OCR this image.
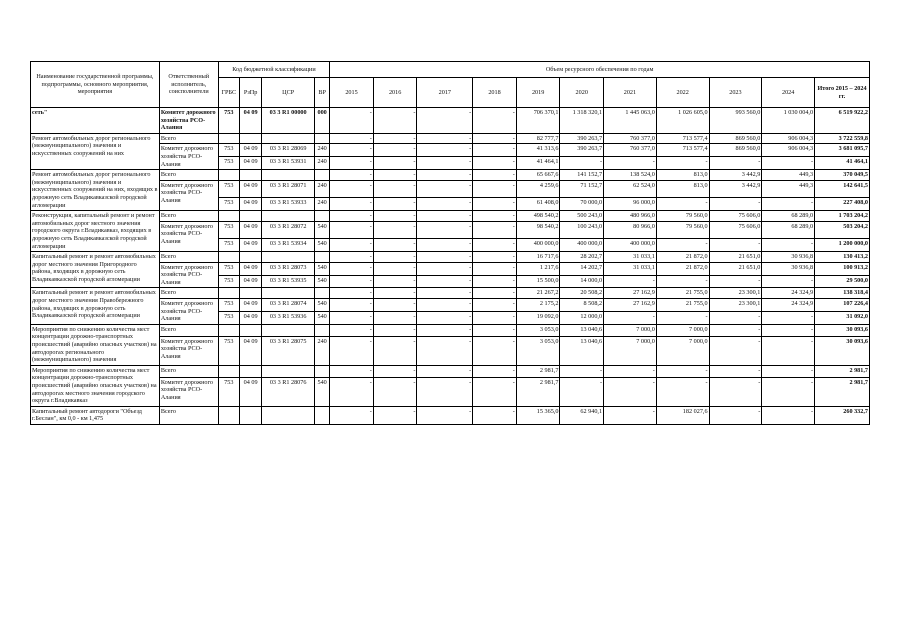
Наименование государственной программы, подпрограммы, основного мероприятия, мероприятия	Ответственный исполнитель, соисполнители	Код бюджетной классификации				Объем ресурсного обеспечения по годам										
		ГРБС	РзПр	ЦСР	ВР	2015	2016	2017	2018	2019	2020	2021	2022	2023	2024	Итого 2015 – 2024 гг.
сеть"	Комитет дорожного хозяйства РСО-Алания	753	04 09	03 3 R1 00000	000	-	-	-	-	706 370,1	1 318 320,1	1 445 063,0	1 026 605,0	993 560,0	1 030 004,0	6 519 922,2
Ремонт автомобильных дорог регионального (межмуниципального) значения и искусственных сооружений на них	Всего					-	-	-	-	82 777,7	390 263,7	760 377,0	713 577,4	869 560,0	906 004,3	3 722 559,8
	Комитет дорожного хозяйства РСО-Алания	753	04 09	03 3 R1 28069	240	-	-	-	-	41 313,6	390 263,7	760 377,0	713 577,4	869 560,0	906 004,3	3 681 095,7
		753	04 09	03 3 R1 53931	240	-	-	-	-	41 464,1	-	-	-	-	-	41 464,1
Ремонт автомобильных дорог регионального (межмуниципального) значения и искусственных сооружений на них, входящих в дорожную сеть Владикавказской городской агломерации	Всего					-	-	-	-	65 667,6	141 152,7	138 524,0	813,0	3 442,9	449,3	370 049,5
	Комитет дорожного хозяйства РСО-Алания	753	04 09	03 3 R1 28071	240	-	-	-	-	4 259,6	71 152,7	62 524,0	813,0	3 442,9	449,3	142 641,5
		753	04 09	03 3 R1 53933	240	-	-	-	-	61 408,0	70 000,0	96 000,0	-	-	-	227 408,0
Реконструкция, капитальный ремонт и ремонт автомобильных дорог местного значения городского округа г.Владикавказ, входящих в дорожную сеть Владикавказской городской агломерации	Всего					-	-	-	-	498 540,2	500 243,0	480 966,0	79 560,0	75 606,0	68 289,0	1 703 204,2
	Комитет дорожного хозяйства РСО-Алания	753	04 09	03 3 R1 28072	540	-	-	-	-	98 540,2	100 243,0	80 966,0	79 560,0	75 606,0	68 289,0	503 204,2
		753	04 09	03 3 R1 53934	540	-	-	-	-	400 000,0	400 000,0	400 000,0	-	-	-	1 200 000,0
Капитальный ремонт и ремонт автомобильных дорог местного значения Пригородного района, входящих в дорожную сеть Владикавказской городской агломерации	Всего					-	-	-	-	16 717,6	28 202,7	31 033,1	21 872,0	21 651,0	30 936,8	130 413,2
	Комитет дорожного хозяйства РСО-Алания	753	04 09	03 3 R1 28073	540	-	-	-	-	1 217,6	14 202,7	31 033,1	21 872,0	21 651,0	30 936,8	100 913,2
		753	04 09	03 3 R1 53935	540	-	-	-	-	15 500,0	14 000,0	-	-	-	-	29 500,0
Капитальный ремонт и ремонт автомобильных дорог местного значения Правобережного района, входящих в дорожную сеть Владикавказской городской агломерации	Всего					-	-	-	-	21 267,2	20 508,2	27 162,9	21 755,0	23 300,1	24 324,9	138 318,4
	Комитет дорожного хозяйства РСО-Алания	753	04 09	03 3 R1 28074	540	-	-	-	-	2 175,2	8 508,2	27 162,9	21 755,0	23 300,1	24 324,9	107 226,4
		753	04 09	03 3 R1 53936	540	-	-	-	-	19 092,0	12 000,0	-	-	-	-	31 092,0
Мероприятия по снижению количества мест концентрации дорожно-транспортных происшествий (аварийно опасных участков) на автодорогах регионального (межмуниципального) значения	Всего					-	-	-	-	3 053,0	13 040,6	7 000,0	7 000,0	-	-	30 093,6
	Комитет дорожного хозяйства РСО-Алания	753	04 09	03 3 R1 28075	240	-	-	-	-	3 053,0	13 040,6	7 000,0	7 000,0	-	-	30 093,6
Мероприятия по снижению количества мест концентрации дорожно-транспортных происшествий (аварийно опасных участков) на автодорогах местного значения городского округа г.Владикавказ	Всего					-	-	-	-	2 981,7	-	-	-	-	-	2 981,7
	Комитет дорожного хозяйства РСО-Алания	753	04 09	03 3 R1 28076	540	-	-	-	-	2 981,7	-	-	-	-	-	2 981,7
Капитальный ремонт автодороги "Объезд г.Беслан", км 0,0 - км 1,475	Всего					-	-	-	-	15 365,0	62 940,1	-	182 027,6	-	-	260 332,7
